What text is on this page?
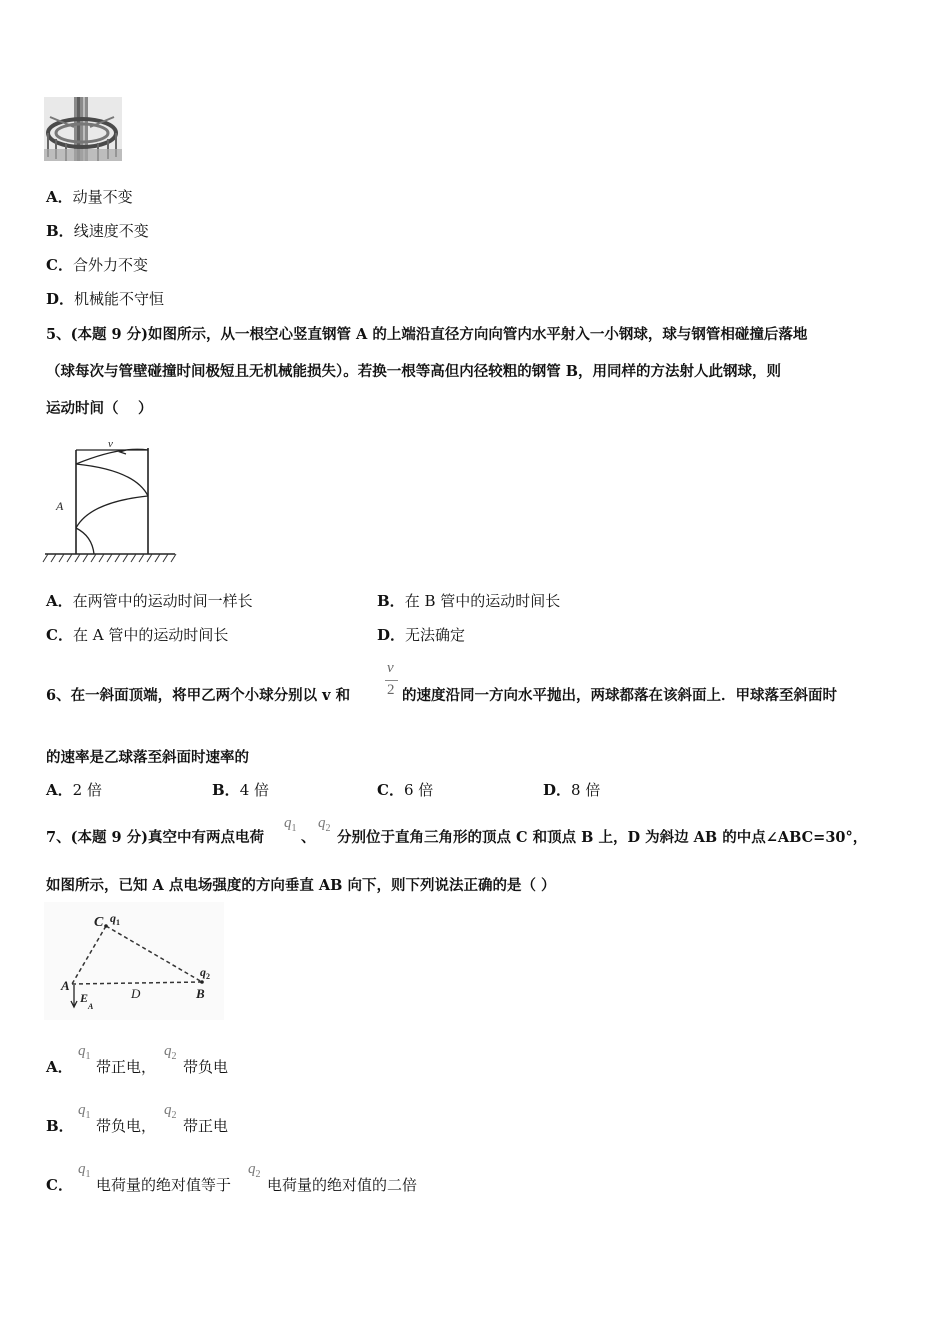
A．动量不变
B．线速度不变
C．合外力不变
D．机械能不守恒
5、(本题 9 分)如图所示，从一根空心竖直钢管 A 的上端沿直径方向向管内水平射入一小钢球，球与钢管相碰撞后落地
（球每次与管壁碰撞时间极短且无机械能损失）。若换一根等高但内径较粗的钢管 B，用同样的方法射人此钢球，则
运动时间（　 ）
v
A
A．在两管中的运动时间一样长	B．在 B 管中的运动时间长
C．在 A 管中的运动时间长	D．无法确定
6、在一斜面顶端，将甲乙两个小球分别以 v 和
v
2 的速度沿同一方向水平抛出，两球都落在该斜面上．甲球落至斜面时
的速率是乙球落至斜面时速率的
A．2 倍	B．4 倍	C．6 倍	D．8 倍
7、(本题 9 分)真空中有两点电荷
$q_1$
、
$q_2$
分别位于直角三角形的顶点 C 和顶点 B 上，D 为斜边 AB 的中点∠ABC=30°，
如图所示，已知 A 点电场强度的方向垂直 AB 向下，则下列说法正确的是（ ）
C $q_1$
$q_2$
A
D	B
EA
A．
$q_1$
带正电，
$q_2$
带负电
B．
$q_1$
带负电，
$q_2$
带正电
C．
$q_1$
电荷量的绝对值等于
$q_2$
电荷量的绝对值的二倍
